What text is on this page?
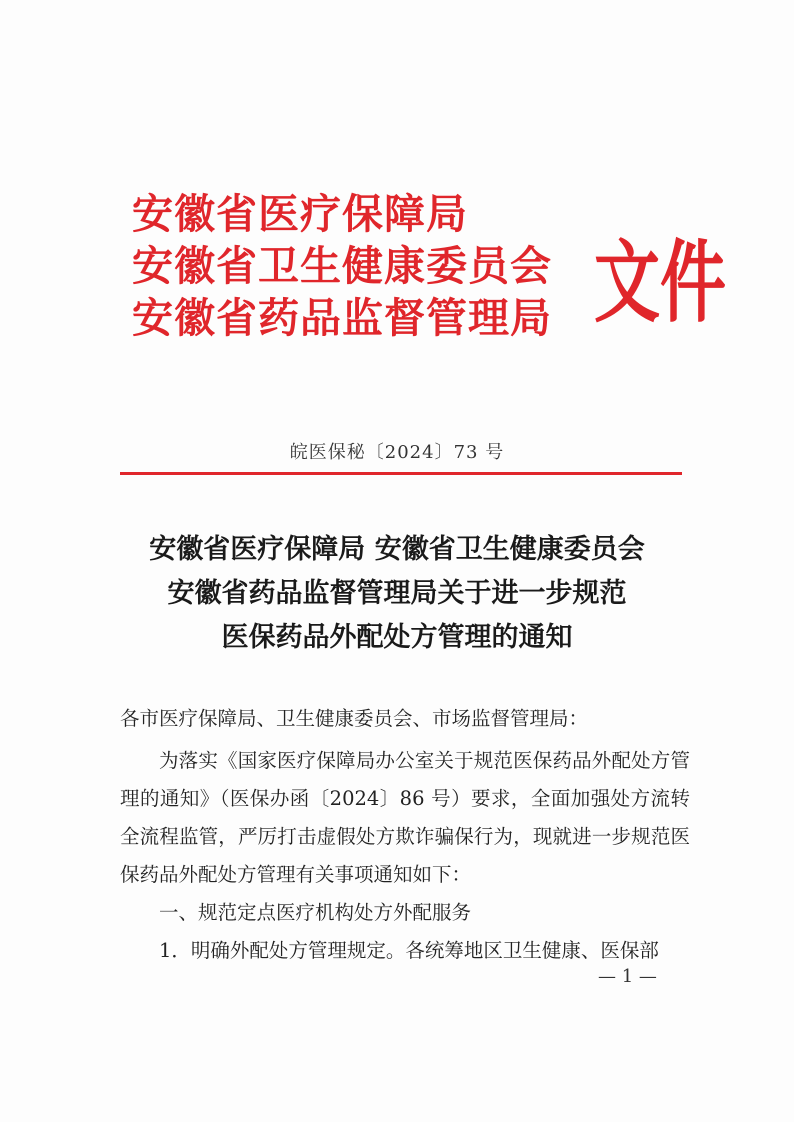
安徽省医疗保障局
安徽省卫生健康委员会
安徽省药品监督管理局 文件
皖医保秘〔2024〕73 号
安徽省医疗保障局 安徽省卫生健康委员会
安徽省药品监督管理局关于进一步规范
医保药品外配处方管理的通知

各市医疗保障局、卫生健康委员会、市场监督管理局：

为落实《国家医疗保障局办公室关于规范医保药品外配处方管理的通知》（医保办函〔2024〕86 号）要求，全面加强处方流转全流程监管，严厉打击虚假处方欺诈骗保行为，现就进一步规范医保药品外配处方管理有关事项通知如下：

一、规范定点医疗机构处方外配服务

1．明确外配处方管理规定。各统筹地区卫生健康、医保部

— 1 —
